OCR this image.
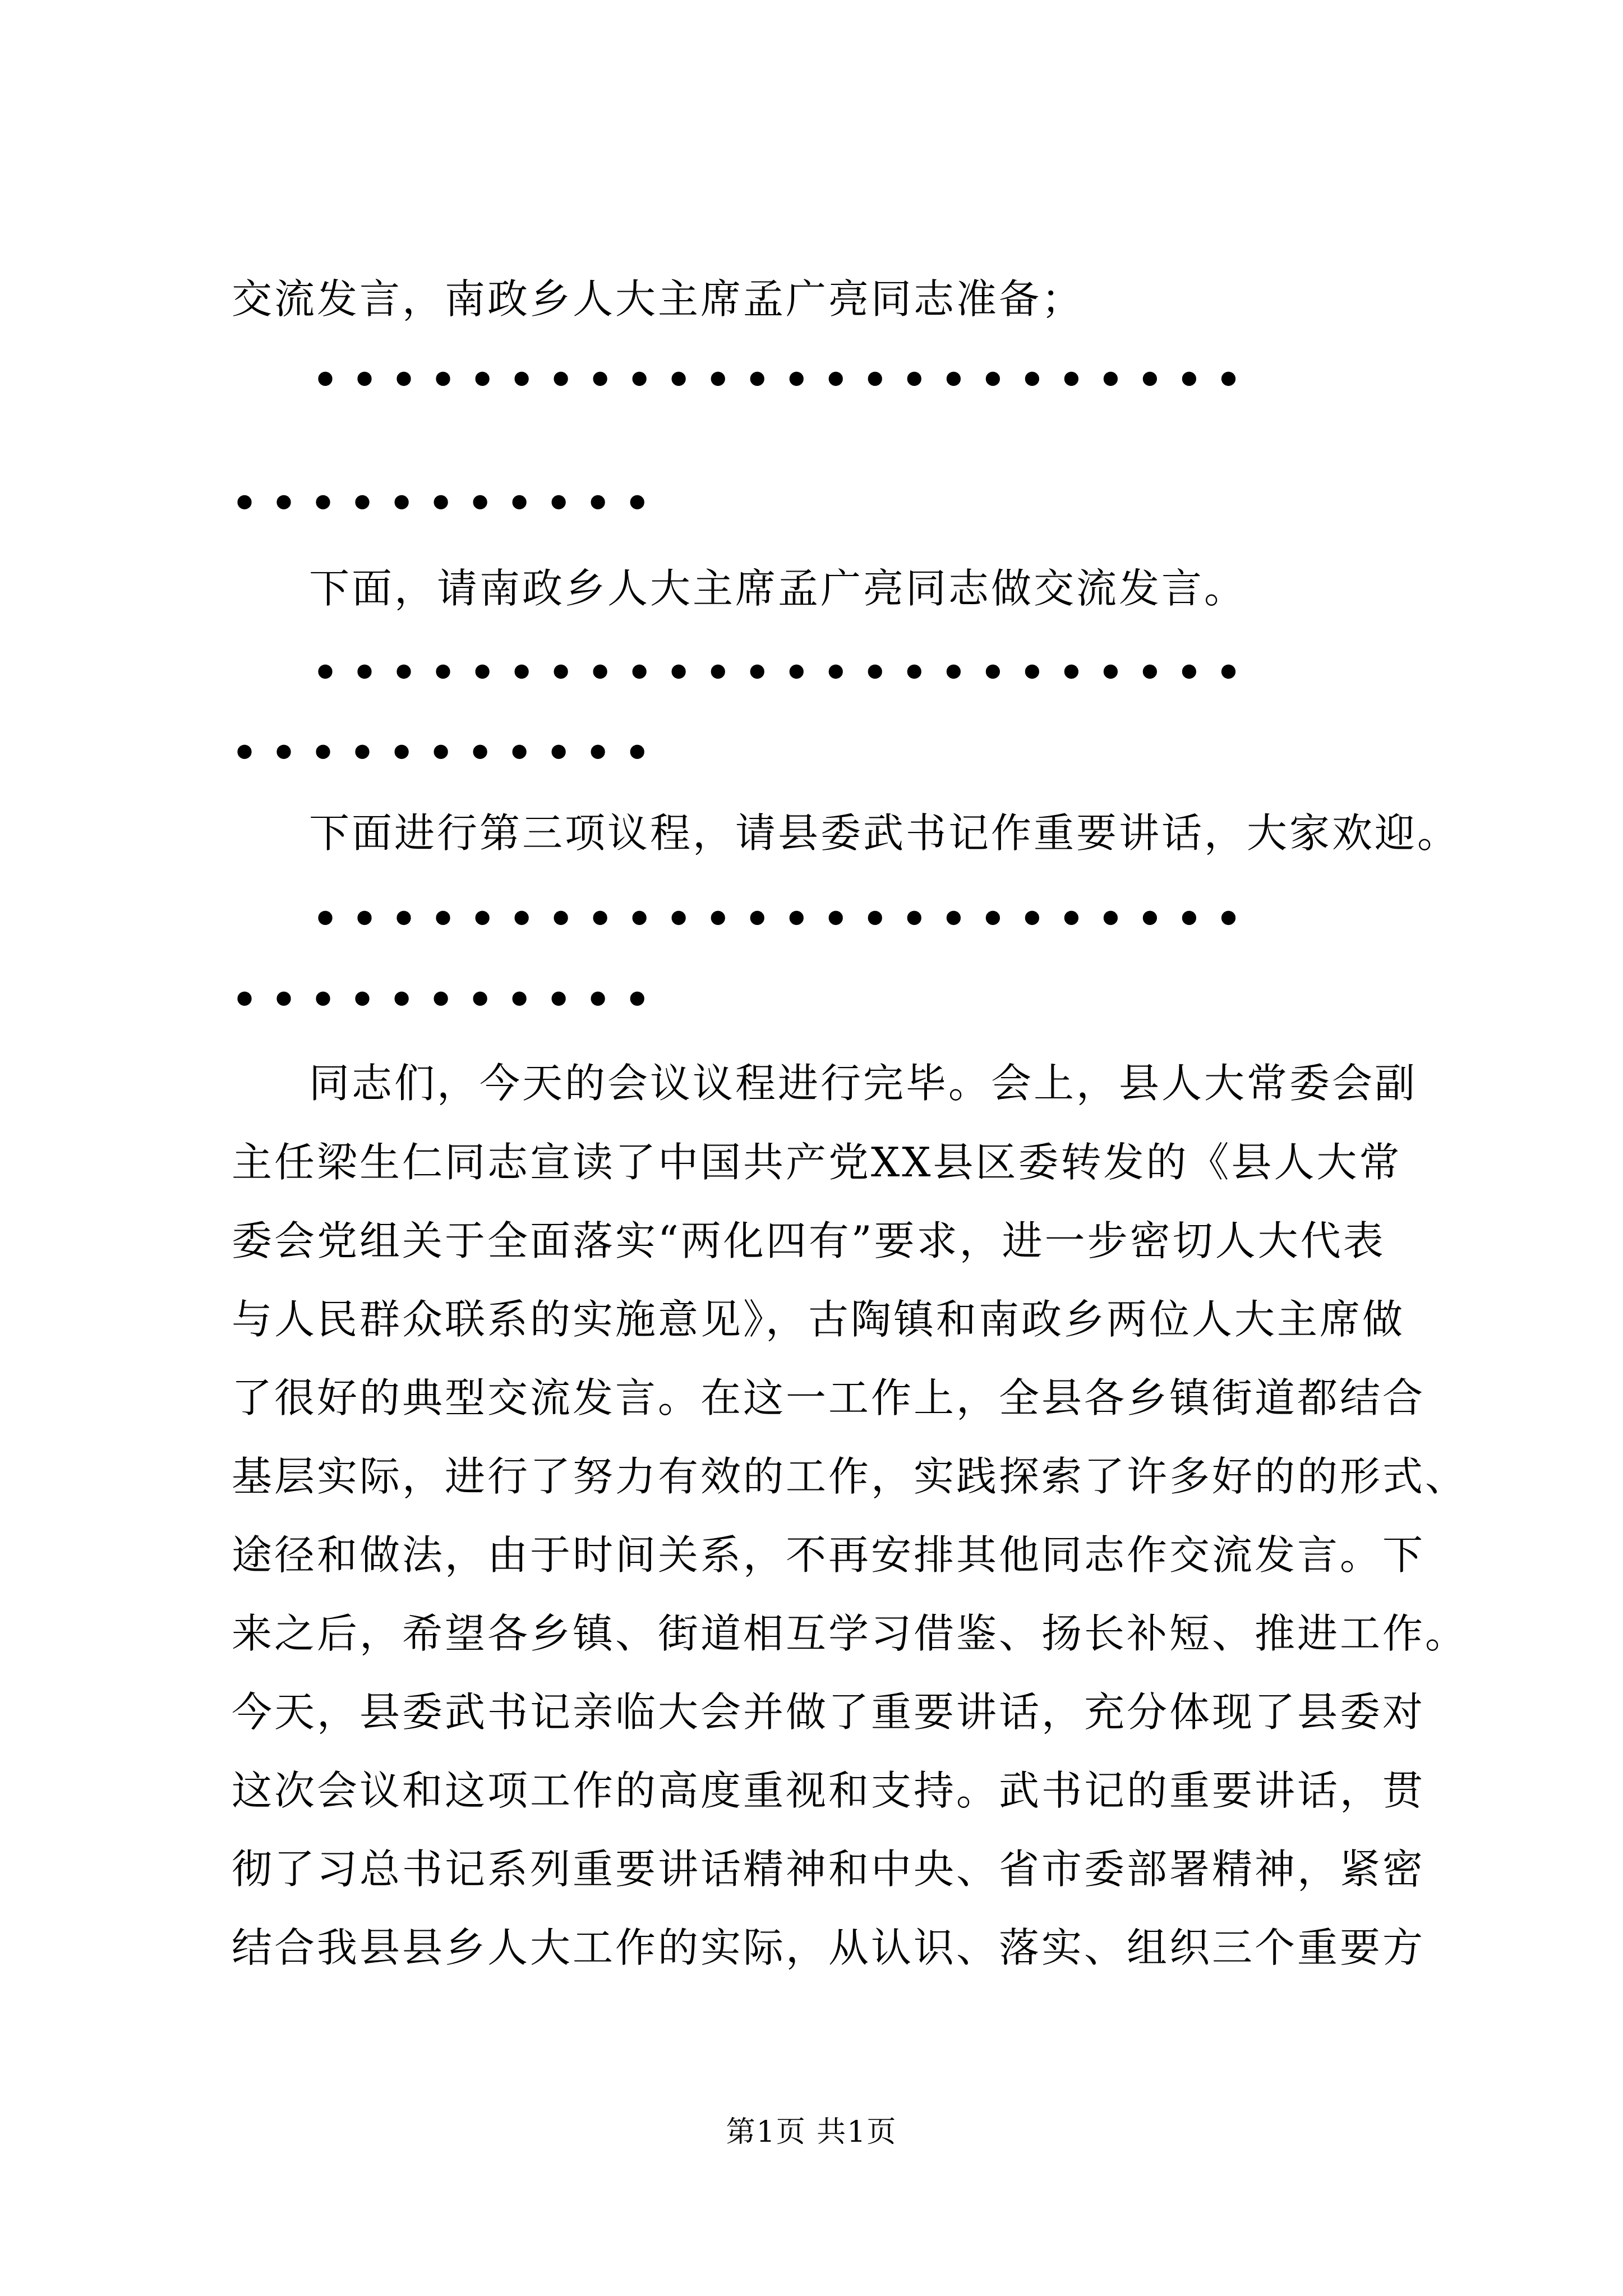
交流发言，南政乡人大主席孟广亮同志准备；
••••••••••••••••••••••••
•••••••••••
下面，请南政乡人大主席孟广亮同志做交流发言。
••••••••••••••••••••••••
•••••••••••
下面进行第三项议程，请县委武书记作重要讲话，大家欢迎。
••••••••••••••••••••••••
•••••••••••
同志们，今天的会议议程进行完毕。会上，县人大常委会副
主任梁生仁同志宣读了中国共产党XX县区委转发的《县人大常
委会党组关于全面落实“两化四有”要求，进一步密切人大代表
与人民群众联系的实施意见》，古陶镇和南政乡两位人大主席做
了很好的典型交流发言。在这一工作上，全县各乡镇街道都结合
基层实际，进行了努力有效的工作，实践探索了许多好的的形式、
途径和做法，由于时间关系，不再安排其他同志作交流发言。下
来之后，希望各乡镇、街道相互学习借鉴、扬长补短、推进工作。
今天，县委武书记亲临大会并做了重要讲话，充分体现了县委对
这次会议和这项工作的高度重视和支持。武书记的重要讲话，贯
彻了习总书记系列重要讲话精神和中央、省市委部署精神，紧密
结合我县县乡人大工作的实际，从认识、落实、组织三个重要方
第1页 共1页
